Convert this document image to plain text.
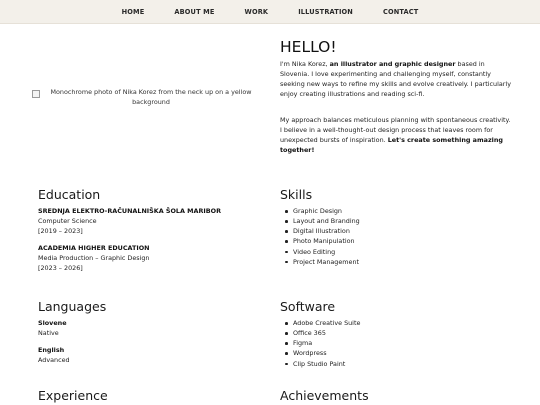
HOME	ABOUT ME	WORK	ILLUSTRATION	CONTACT
Monochrome photo of Nika Korez from the neck up on a yellow background
HELLO!

I'm Nika Korez, an illustrator and graphic designer based in Slovenia. I love experimenting and challenging myself, constantly seeking new ways to refine my skills and evolve creatively. I particularly enjoy creating illustrations and reading sci-fi.

My approach balances meticulous planning with spontaneous creativity. I believe in a well-thought-out design process that leaves room for unexpected bursts of inspiration. Let's create something amazing together!

Education
SREDNJA ELEKTRO-RAČUNALNIŠKA ŠOLA MARIBOR
Computer Science
[2019 – 2023]
ACADEMIA HIGHER EDUCATION
Media Production – Graphic Design
[2023 – 2026]
Skills
Graphic Design
Layout and Branding
Digital Illustration
Photo Manipulation
Video Editing
Project Management
Languages
Slovene
Native
English
Advanced
Software
Adobe Creative Suite
Office 365
Figma
Wordpress
Clip Studio Paint
Experience	Achievements
